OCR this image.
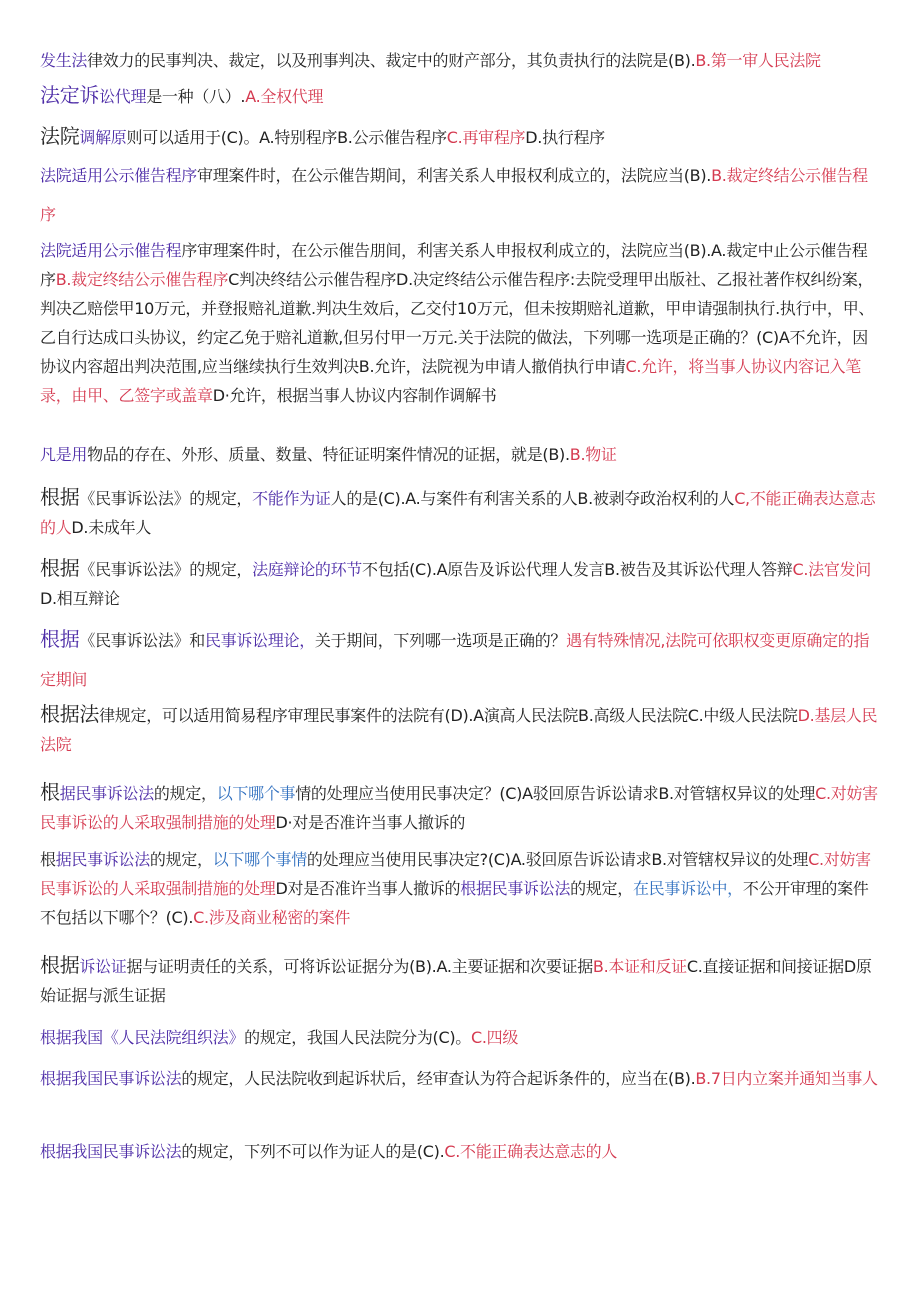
发生法律效力的民事判决、裁定，以及刑事判决、裁定中的财产部分，其负责执行的法院是(B).B.第一审人民法院
法定诉讼代理是一种（八）.A.全权代理
法院调解原则可以适用于(C)。A.特别程序B.公示催告程序C.再审程序D.执行程序
法院适用公示催告程序审理案件时，在公示催告期间，利害关系人申报权利成立的，法院应当(B).B.裁定终结公示催告程序
法院适用公示催告程序审理案件时，在公示催告朋间，利害关系人申报权利成立的，法院应当(B).A.裁定中止公示催告程序B.裁定终结公示催告程序C判决终结公示催告程序D.决定终结公示催告程序:去院受理甲出版社、乙报社著作权纠纷案，判决乙赔偿甲10万元，并登报赔礼道歉.判决生效后，乙交付10万元，但未按期赔礼道歉，甲申请强制执行.执行中，甲、乙自行达成口头协议，约定乙免于赔礼道歉,但另付甲一万元.关于法院的做法，下列哪一选项是正确的？(C)A不允许，因协议内容超出判决范围,应当继续执行生效判决B.允许，法院视为申请人撤俏执行申请C.允许，将当事人协议内容记入笔录，由甲、乙签字或盖章D·允许，根据当事人协议内容制作调解书
凡是用物品的存在、外形、质量、数量、特征证明案件情况的证据，就是(B).B.物证
根据《民事诉讼法》的规定，不能作为证人的是(C).A.与案件有利害关系的人B.被剥夺政治权利的人C,不能正确表达意志的人D.未成年人
根据《民事诉讼法》的规定，法庭辩论的环节不包括(C).A原告及诉讼代理人发言B.被告及其诉讼代理人答辩C.法官发问D.相互辩论
根据《民事诉讼法》和民事诉讼理论，关于期间，下列哪一选项是正确的？遇有特殊情况,法院可依职权变更原确定的指定期间
根据法律规定，可以适用简易程序审理民事案件的法院有(D).A演高人民法院B.高级人民法院C.中级人民法院D.基层人民法院
根据民事诉讼法的规定，以下哪个事情的处理应当使用民事决定？(C)A驳回原告诉讼请求B.对管辖权异议的处理C.对妨害民事诉讼的人采取强制措施的处理D·对是否准许当事人撤诉的
根据民事诉讼法的规定，以下哪个事情的处理应当使用民事决定?(C)A.驳回原告诉讼请求B.对管辖权异议的处理C.对妨害民事诉讼的人采取强制措施的处理D对是否准许当事人撤诉的根据民事诉讼法的规定，在民事诉讼中，不公开审理的案件不包括以下哪个？(C).C.涉及商业秘密的案件
根据诉讼证据与证明责任的关系，可将诉讼证据分为(B).A.主要证据和次要证据B.本证和反证C.直接证据和间接证据D原始证据与派生证据
根据我国《人民法院组织法》的规定，我国人民法院分为(C)。C.四级
根据我国民事诉讼法的规定，人民法院收到起诉状后，经审查认为符合起诉条件的，应当在(B).B.7日内立案并通知当事人
根据我国民事诉讼法的规定，下列不可以作为证人的是(C).C.不能正确表达意志的人
